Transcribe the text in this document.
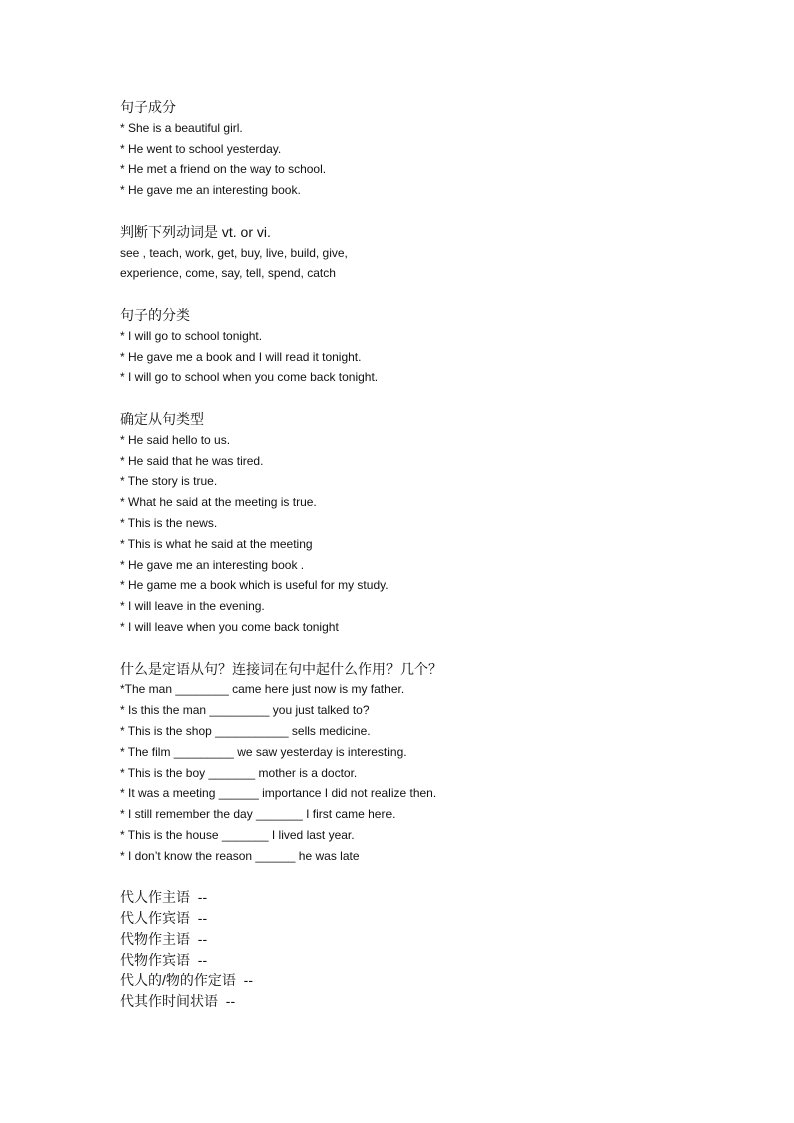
句子成分
* She is a beautiful girl.
* He went to school yesterday.
* He met a friend on the way to school.
* He gave me an interesting book.
判断下列动词是 vt. or vi.
see , teach, work, get, buy, live, build, give,
experience, come, say, tell, spend, catch
句子的分类
* I will go to school tonight.
* He gave me a book and I will read it tonight.
* I will go to school when you come back tonight.
确定从句类型
* He said hello to us.
* He said that he was tired.
* The story is true.
* What he said at the meeting is true.
* This is the news.
* This is what he said at the meeting
* He gave me an interesting book .
* He game me a book which is useful for my study.
* I will leave in the evening.
* I will leave when you come back tonight
什么是定语从句？连接词在句中起什么作用？几个？
*The man ________ came here just now is my father.
* Is this the man _________ you just talked to?
* This is the shop ___________ sells medicine.
* The film _________ we saw yesterday is interesting.
* This is the boy _______ mother is a doctor.
* It was a meeting ______ importance I did not realize then.
* I still remember the day _______ I first came here.
* This is the house _______ I lived last year.
* I don’t know the reason ______ he was late
代人作主语  --
代人作宾语  --
代物作主语  --
代物作宾语  --
代人的/物的作定语  --
代其作时间状语  --
